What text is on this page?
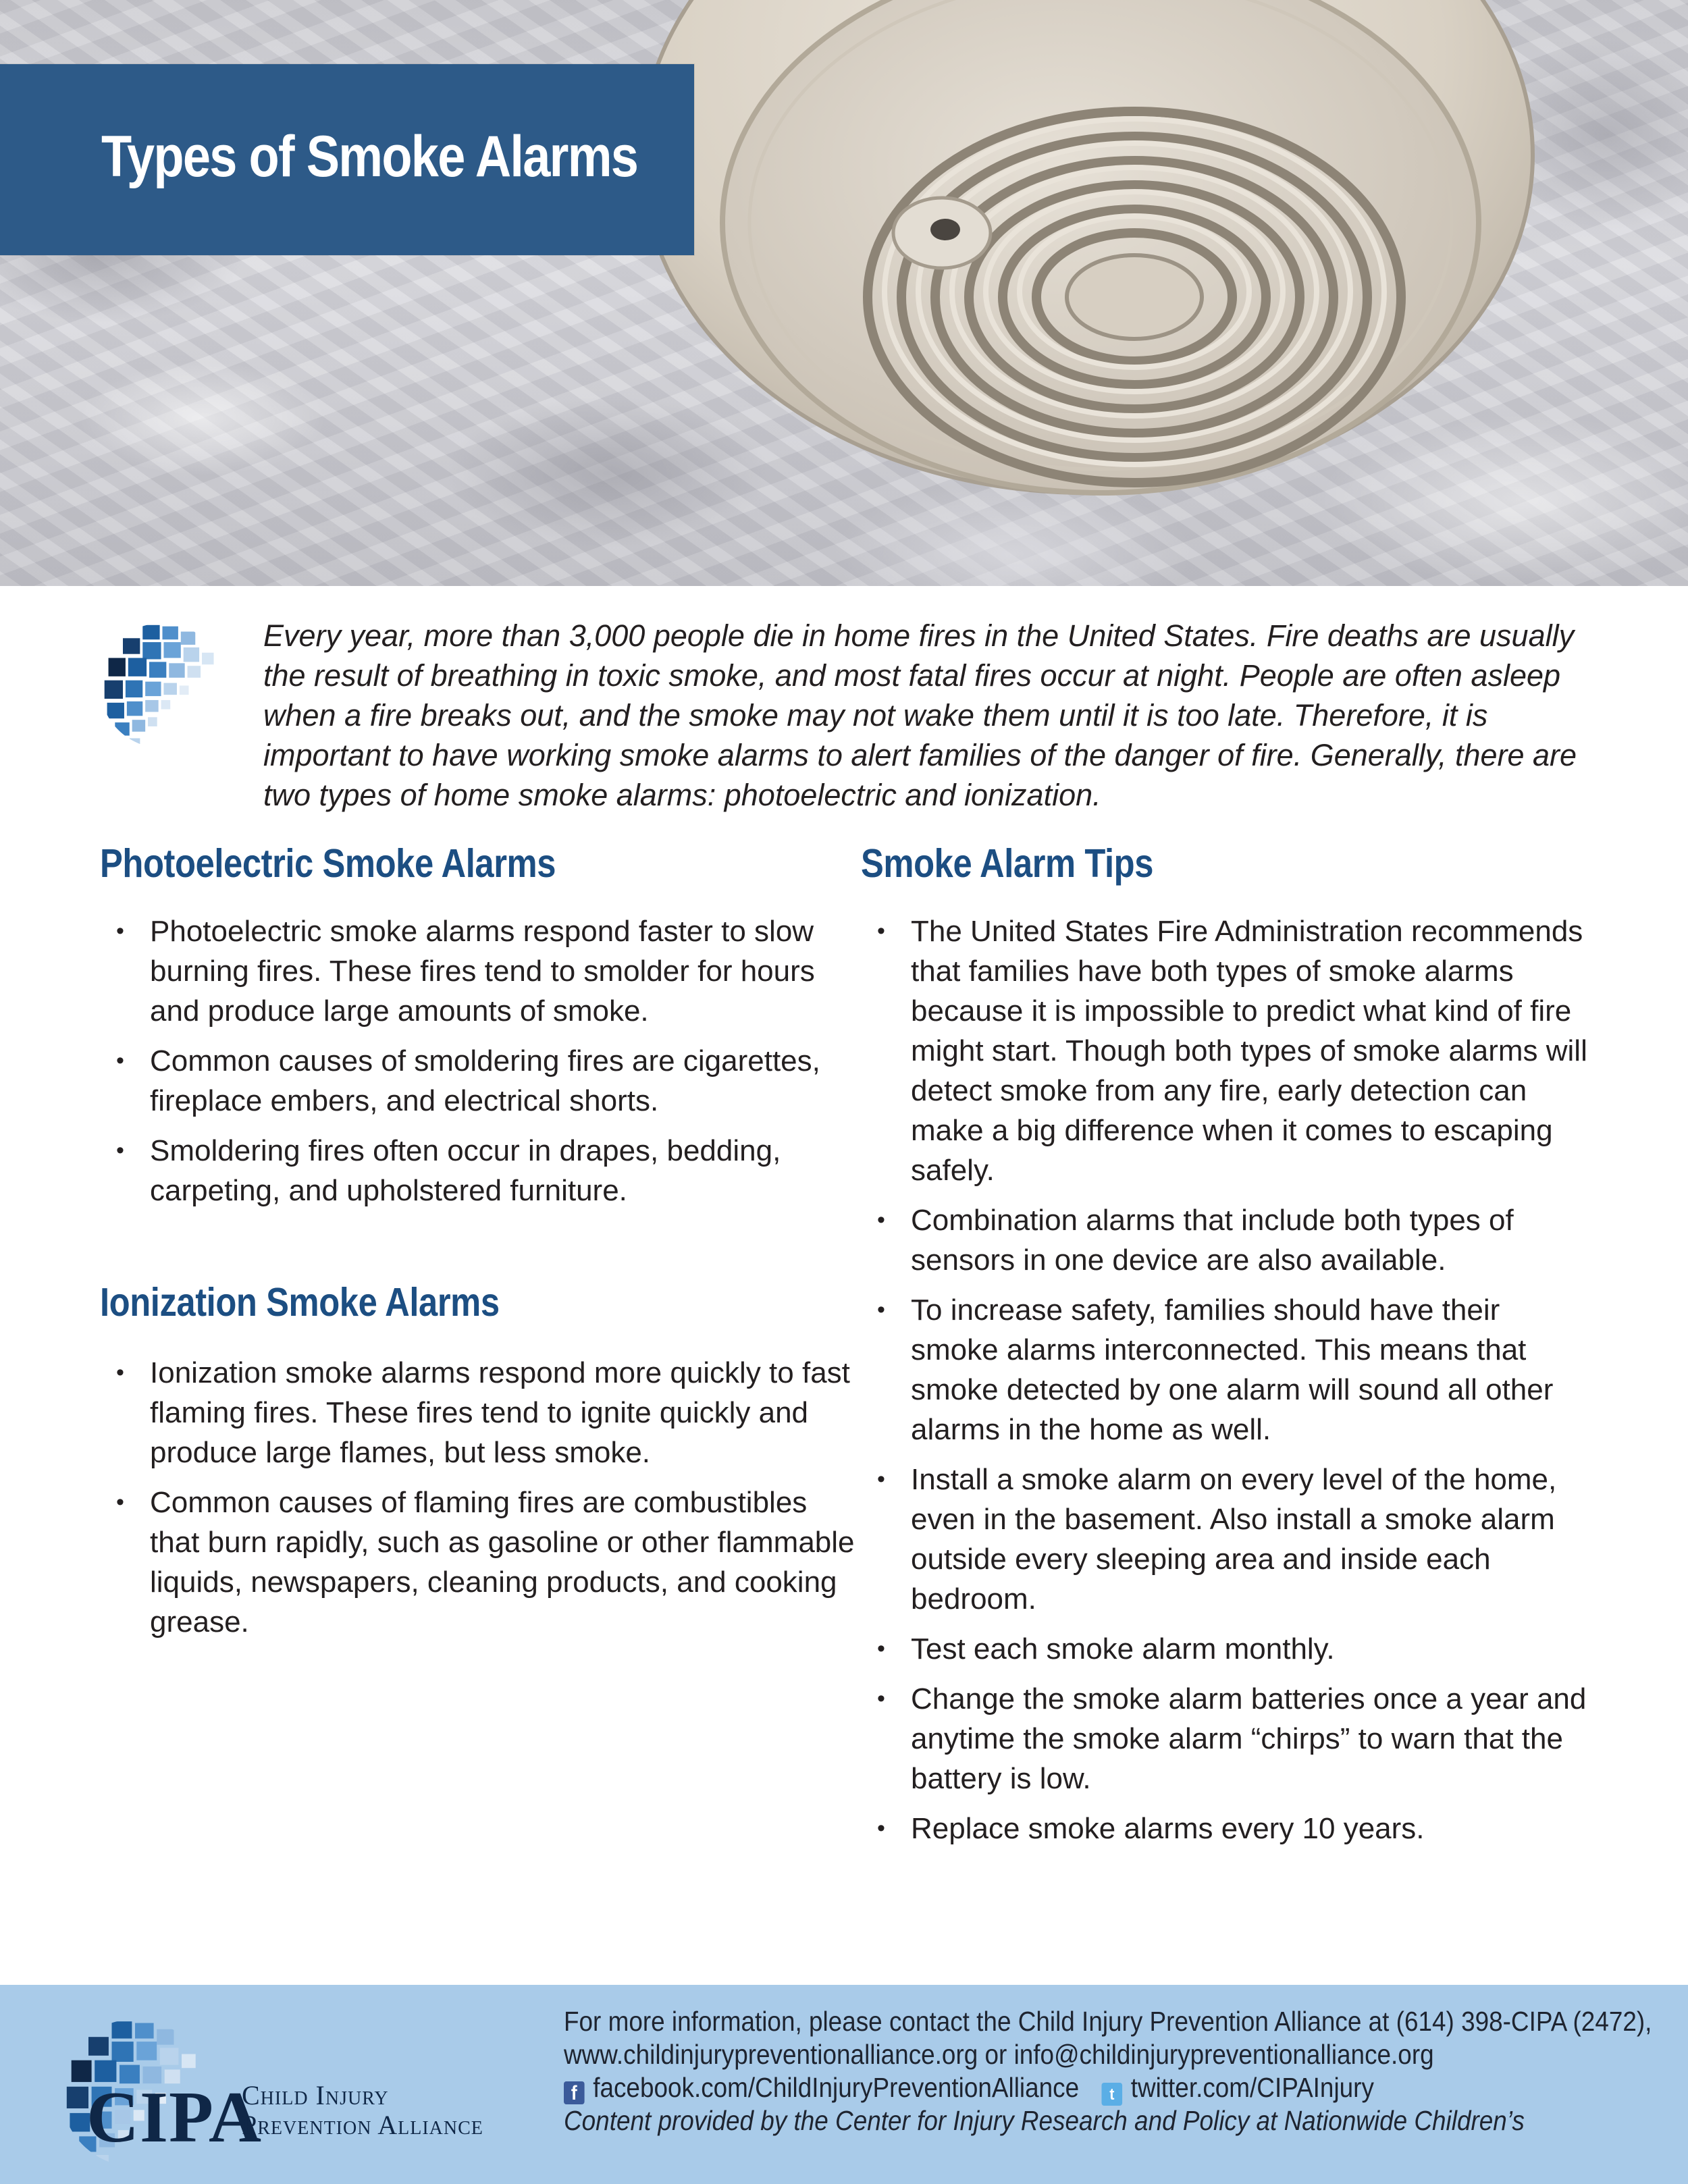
Types of Smoke Alarms

Every year, more than 3,000 people die in home fires in the United States. Fire deaths are usually the result of breathing in toxic smoke, and most fatal fires occur at night. People are often asleep when a fire breaks out, and the smoke may not wake them until it is too late. Therefore, it is important to have working smoke alarms to alert families of the danger of fire. Generally, there are two types of home smoke alarms: photoelectric and ionization.

Photoelectric Smoke Alarms
• Photoelectric smoke alarms respond faster to slow burning fires. These fires tend to smolder for hours and produce large amounts of smoke.
• Common causes of smoldering fires are cigarettes, fireplace embers, and electrical shorts.
• Smoldering fires often occur in drapes, bedding, carpeting, and upholstered furniture.
Ionization Smoke Alarms
• Ionization smoke alarms respond more quickly to fast flaming fires. These fires tend to ignite quickly and produce large flames, but less smoke.
• Common causes of flaming fires are combustibles that burn rapidly, such as gasoline or other flammable liquids, newspapers, cleaning products, and cooking grease.
Smoke Alarm Tips
• The United States Fire Administration recommends that families have both types of smoke alarms because it is impossible to predict what kind of fire might start. Though both types of smoke alarms will detect smoke from any fire, early detection can make a big difference when it comes to escaping safely.
• Combination alarms that include both types of sensors in one device are also available.
• To increase safety, families should have their smoke alarms interconnected. This means that smoke detected by one alarm will sound all other alarms in the home as well.
• Install a smoke alarm on every level of the home, even in the basement. Also install a smoke alarm outside every sleeping area and inside each bedroom.
• Test each smoke alarm monthly.
• Change the smoke alarm batteries once a year and anytime the smoke alarm “chirps” to warn that the battery is low.
• Replace smoke alarms every 10 years.
CIPA
Child Injury
Prevention Alliance
For more information, please contact the Child Injury Prevention Alliance at (614) 398-CIPA (2472),
www.childinjurypreventionalliance.org or info@childinjurypreventionalliance.org
f facebook.com/ChildInjuryPreventionAlliance	t twitter.com/CIPAInjury
Content provided by the Center for Injury Research and Policy at Nationwide Children’s
